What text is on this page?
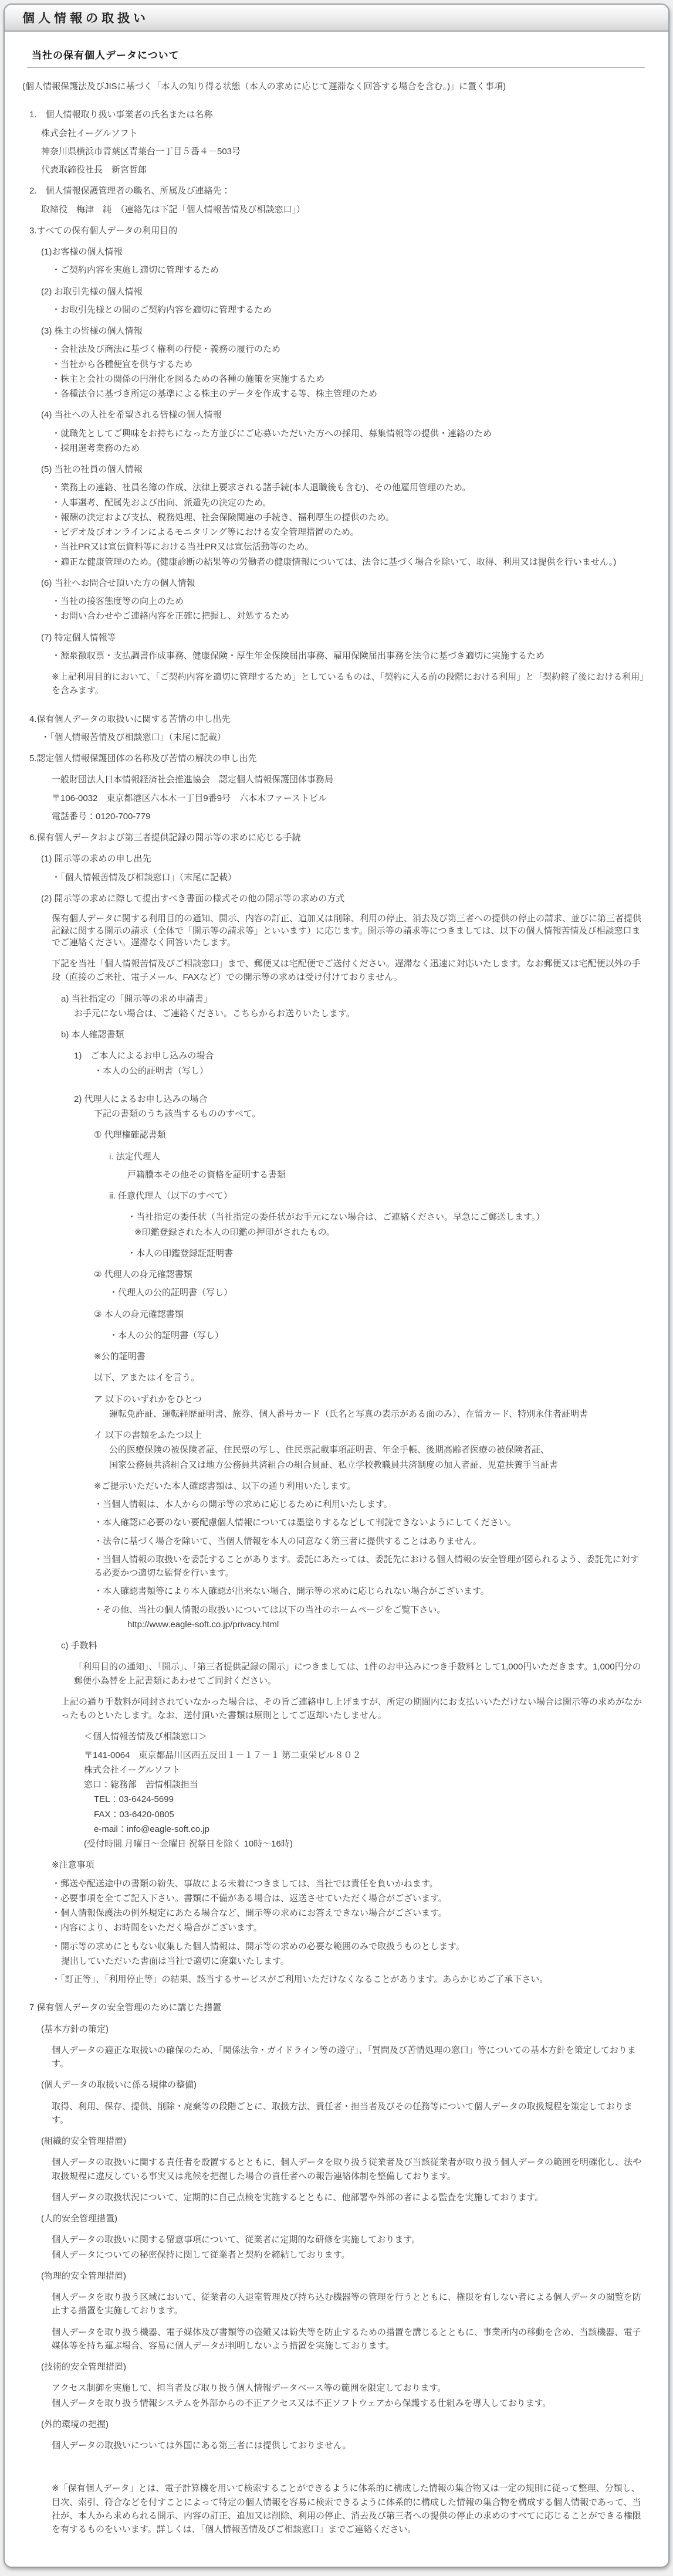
個人情報の取扱い
当社の保有個人データについて

(個人情報保護法及びJISに基づく「本人の知り得る状態（本人の求めに応じて遅滞なく回答する場合を含む。)」に置く事項)

1.　個人情報取り扱い事業者の氏名または名称

株式会社イーグルソフト

神奈川県横浜市青葉区青葉台一丁目５番４－503号

代表取締役社長　新宮哲郎

2.　個人情報保護管理者の職名、所属及び連絡先：

取締役　梅津　純　（連絡先は下記「個人情報苦情及び相談窓口」）

3.すべての保有個人データの利用目的

(1)お客様の個人情報

・ご契約内容を実施し適切に管理するため

(2) お取引先様の個人情報

・お取引先様との間のご契約内容を適切に管理するため

(3) 株主の皆様の個人情報

・会社法及び商法に基づく権利の行使・義務の履行のため

・当社から各種便宜を供与するため

・株主と会社の関係の円滑化を図るための各種の施策を実施するため

・各種法令に基づき所定の基準による株主のデータを作成する等、株主管理のため

(4) 当社への入社を希望される皆様の個人情報

・就職先としてご興味をお持ちになった方並びにご応募いただいた方への採用、募集情報等の提供・連絡のため

・採用選考業務のため

(5) 当社の社員の個人情報

・業務上の連絡、社員名簿の作成、法律上要求される諸手続(本人退職後も含む)、その他雇用管理のため。

・人事選考、配属先および出向、派遣先の決定のため。

・報酬の決定および支払、税務処理、社会保険関連の手続き、福利厚生の提供のため。

・ビデオ及びオンラインによるモニタリング等における安全管理措置のため。

・当社PR又は宣伝資料等における当社PR又は宣伝活動等のため。

・適正な健康管理のため。(健康診断の結果等の労働者の健康情報については、法令に基づく場合を除いて、取得、利用又は提供を行いません。)

(6) 当社へお問合せ頂いた方の個人情報

・当社の接客態度等の向上のため

・お問い合わせやご連絡内容を正確に把握し、対処するため

(7) 特定個人情報等

・源泉徴収票・支払調書作成事務、健康保険・厚生年金保険届出事務、雇用保険届出事務を法令に基づき適切に実施するため

※上記利用目的において、「ご契約内容を適切に管理するため」としているものは、「契約に入る前の段階における利用」と「契約終了後における利用」を含みます。

4.保有個人データの取扱いに関する苦情の申し出先

・「個人情報苦情及び相談窓口」（末尾に記載）

5.認定個人情報保護団体の名称及び苦情の解決の申し出先

一般財団法人日本情報経済社会推進協会　認定個人情報保護団体事務局

〒106-0032　東京都港区六本木一丁目9番9号　六本木ファーストビル

電話番号：0120-700-779

6.保有個人データおよび第三者提供記録の開示等の求めに応じる手続

(1) 開示等の求めの申し出先

・「個人情報苦情及び相談窓口」（末尾に記載）

(2) 開示等の求めに際して提出すべき書面の様式その他の開示等の求めの方式

保有個人データに関する利用目的の通知、開示、内容の訂正、追加又は削除、利用の停止、消去及び第三者への提供の停止の請求、並びに第三者提供記録に関する開示の請求（全体で「開示等の請求等」といいます）に応じます。開示等の請求等につきましては、以下の個人情報苦情及び相談窓口までご連絡ください。遅滞なく回答いたします。

下記を当社「個人情報苦情及びご相談窓口」まで、郵便又は宅配便でご送付ください。遅滞なく迅速に対応いたします。なお郵便又は宅配便以外の手段（直接のご来社、電子メール、FAXなど）での開示等の求めは受け付けておりません。

a) 当社指定の「開示等の求め申請書」

お手元にない場合は、ご連絡ください。こちらからお送りいたします。

b) 本人確認書類

1)　ご本人によるお申し込みの場合

・本人の公的証明書（写し）

2) 代理人によるお申し込みの場合

下記の書類のうち該当するもののすべて。

① 代理権確認書類

i. 法定代理人

戸籍謄本その他その資格を証明する書類

ii. 任意代理人（以下のすべて）

・当社指定の委任状（当社指定の委任状がお手元にない場合は、ご連絡ください。早急にご郵送します。）

※印鑑登録された本人の印鑑の押印がされたもの。

・本人の印鑑登録証証明書

② 代理人の身元確認書類

・代理人の公的証明書（写し）

③ 本人の身元確認書類

・本人の公的証明書（写し）

※公的証明書

以下、アまたはイを言う。

ア 以下のいずれかをひとつ

運転免許証、運転経歴証明書、旅券、個人番号カード（氏名と写真の表示がある面のみ）、在留カード、特別永住者証明書

イ 以下の書類をふたつ以上

公的医療保険の被保険者証、住民票の写し、住民票記載事項証明書、年金手帳、後期高齢者医療の被保険者証、

国家公務員共済組合又は地方公務員共済組合の組合員証、私立学校教職員共済制度の加入者証、児童扶養手当証書

※ご提示いただいた本人確認書類は、以下の通り利用いたします。

・当個人情報は、本人からの開示等の求めに応じるために利用いたします。

・本人確認に必要のない要配慮個人情報については墨塗りするなどして判読できないようにしてください。

・法令に基づく場合を除いて、当個人情報を本人の同意なく第三者に提供することはありません。

・当個人情報の取扱いを委託することがあります。委託にあたっては、委託先における個人情報の安全管理が図られるよう、委託先に対する必要かつ適切な監督を行います。

・本人確認書類等により本人確認が出来ない場合、開示等の求めに応じられない場合がございます。

・その他、当社の個人情報の取扱いについては以下の当社のホームページをご覧下さい。

http://www.eagle-soft.co.jp/privacy.html

c) 手数料

「利用目的の通知」、「開示」、「第三者提供記録の開示」につきましては、1件のお申込みにつき手数料として1,000円いただきます。1,000円分の郵便小為替を上記書類にあわせてご同封ください。

上記の通り手数料が同封されていなかった場合は、その旨ご連絡申し上げますが、所定の期間内にお支払いいただけない場合は開示等の求めがなかったものといたします。なお、送付頂いた書類は原則としてご返却いたしません。

＜個人情報苦情及び相談窓口＞

〒141-0064　東京都品川区西五反田１－１７－１ 第二東栄ビル８０２

株式会社イーグルソフト

窓口：総務部　苦情相談担当

TEL：03-6424-5699

FAX：03-6420-0805

e-mail：info@eagle-soft.co.jp

(受付時間 月曜日～金曜日 祝祭日を除く 10時～16時)

※注意事項

・郵送や配送途中の書類の紛失、事故による未着につきましては、当社では責任を負いかねます。

・必要事項を全てご記入下さい。書類に不備がある場合は、返送させていただく場合がございます。

・個人情報保護法の例外規定にあたる場合など、開示等の求めにお答えできない場合がございます。

・内容により、お時間をいただく場合がございます。

・開示等の求めにともない収集した個人情報は、開示等の求めの必要な範囲のみで取扱うものとします。

提出していただいた書面は当社で適切に廃棄いたします。

・「訂正等」、「利用停止等」の結果、該当するサービスがご利用いただけなくなることがあります。あらかじめご了承下さい。

7 保有個人データの安全管理のために講じた措置

(基本方針の策定)

個人データの適正な取扱いの確保のため、「関係法令・ガイドライン等の遵守」、「質問及び苦情処理の窓口」等についての基本方針を策定しております。

(個人データの取扱いに係る規律の整備)

取得、利用、保存、提供、削除・廃棄等の段階ごとに、取扱方法、責任者・担当者及びその任務等について個人データの取扱規程を策定しております。

(組織的安全管理措置)

個人データの取扱いに関する責任者を設置するとともに、個人データを取り扱う従業者及び当該従業者が取り扱う個人データの範囲を明確化し、法や取扱規程に違反している事実又は兆候を把握した場合の責任者への報告連絡体制を整備しております。

個人データの取扱状況について、定期的に自己点検を実施するとともに、他部署や外部の者による監査を実施しております。

(人的安全管理措置)

個人データの取扱いに関する留意事項について、従業者に定期的な研修を実施しております。

個人データについての秘密保持に関して従業者と契約を締結しております。

(物理的安全管理措置)

個人データを取り扱う区域において、従業者の入退室管理及び持ち込む機器等の管理を行うとともに、権限を有しない者による個人データの閲覧を防止する措置を実施しております。

個人データを取り扱う機器、電子媒体及び書類等の盗難又は紛失等を防止するための措置を講じるとともに、事業所内の移動を含め、当該機器、電子媒体等を持ち運ぶ場合、容易に個人データが判明しないよう措置を実施しております。

(技術的安全管理措置)

アクセス制御を実施して、担当者及び取り扱う個人情報データベース等の範囲を限定しております。

個人データを取り扱う情報システムを外部からの不正アクセス又は不正ソフトウェアから保護する仕組みを導入しております。

(外的環境の把握)

個人データの取扱いについては外国にある第三者には提供しておりません。

※「保有個人データ」とは、電子計算機を用いて検索することができるように体系的に構成した情報の集合物又は一定の規則に従って整理、分類し、目次、索引、符合などを付すことによって特定の個人情報を容易に検索できるように体系的に構成した情報の集合物を構成する個人情報であって、当社が、本人から求められる開示、内容の訂正、追加又は削除、利用の停止、消去及び第三者への提供の停止の求めのすべてに応じることができる権限を有するものをいいます。詳しくは、「個人情報苦情及びご相談窓口」までご連絡ください。
